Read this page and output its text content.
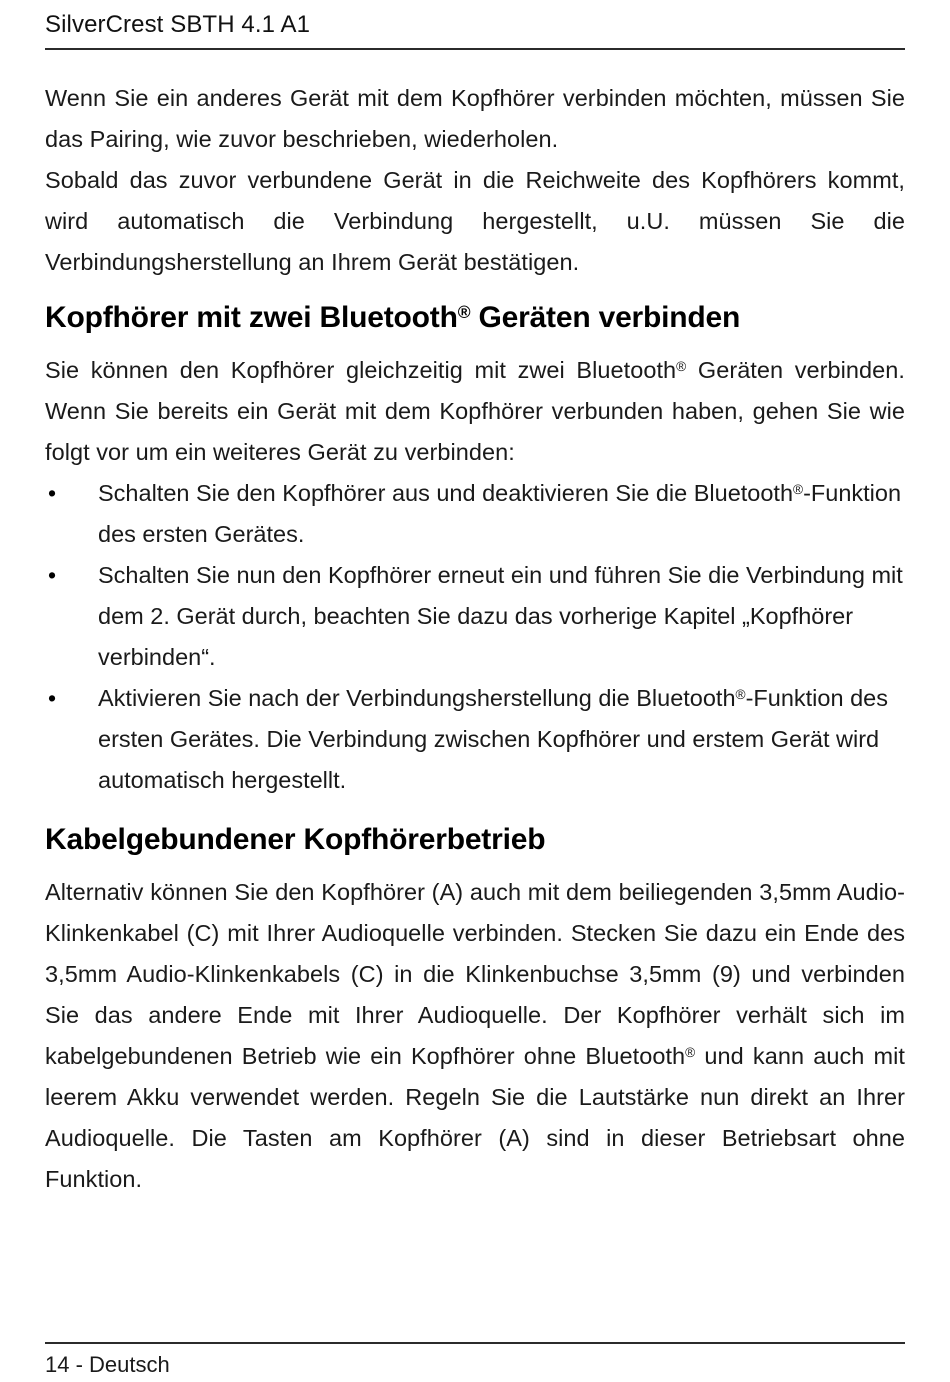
SilverCrest SBTH 4.1 A1

Wenn Sie ein anderes Gerät mit dem Kopfhörer verbinden möchten, müssen Sie das Pairing, wie zuvor beschrieben, wiederholen.

Sobald das zuvor verbundene Gerät in die Reichweite des Kopfhörers kommt, wird automatisch die Verbindung hergestellt, u.U. müssen Sie die Verbindungsherstellung an Ihrem Gerät bestätigen.

Kopfhörer mit zwei Bluetooth® Geräten verbinden

Sie können den Kopfhörer gleichzeitig mit zwei Bluetooth® Geräten verbinden. Wenn Sie bereits ein Gerät mit dem Kopfhörer verbunden haben, gehen Sie wie folgt vor um ein weiteres Gerät zu verbinden:

• Schalten Sie den Kopfhörer aus und deaktivieren Sie die Bluetooth®-Funktion des ersten Gerätes.
• Schalten Sie nun den Kopfhörer erneut ein und führen Sie die Verbindung mit dem 2. Gerät durch, beachten Sie dazu das vorherige Kapitel „Kopfhörer verbinden“.
• Aktivieren Sie nach der Verbindungsherstellung die Bluetooth®-Funktion des ersten Gerätes. Die Verbindung zwischen Kopfhörer und erstem Gerät wird automatisch hergestellt.
Kabelgebundener Kopfhörerbetrieb

Alternativ können Sie den Kopfhörer (A) auch mit dem beiliegenden 3,5mm Audio-Klinkenkabel (C) mit Ihrer Audioquelle verbinden. Stecken Sie dazu ein Ende des 3,5mm Audio-Klinkenkabels (C) in die Klinkenbuchse 3,5mm (9) und verbinden Sie das andere Ende mit Ihrer Audioquelle. Der Kopfhörer verhält sich im kabelgebundenen Betrieb wie ein Kopfhörer ohne Bluetooth® und kann auch mit leerem Akku verwendet werden. Regeln Sie die Lautstärke nun direkt an Ihrer Audioquelle. Die Tasten am Kopfhörer (A) sind in dieser Betriebsart ohne Funktion.

14 - Deutsch
